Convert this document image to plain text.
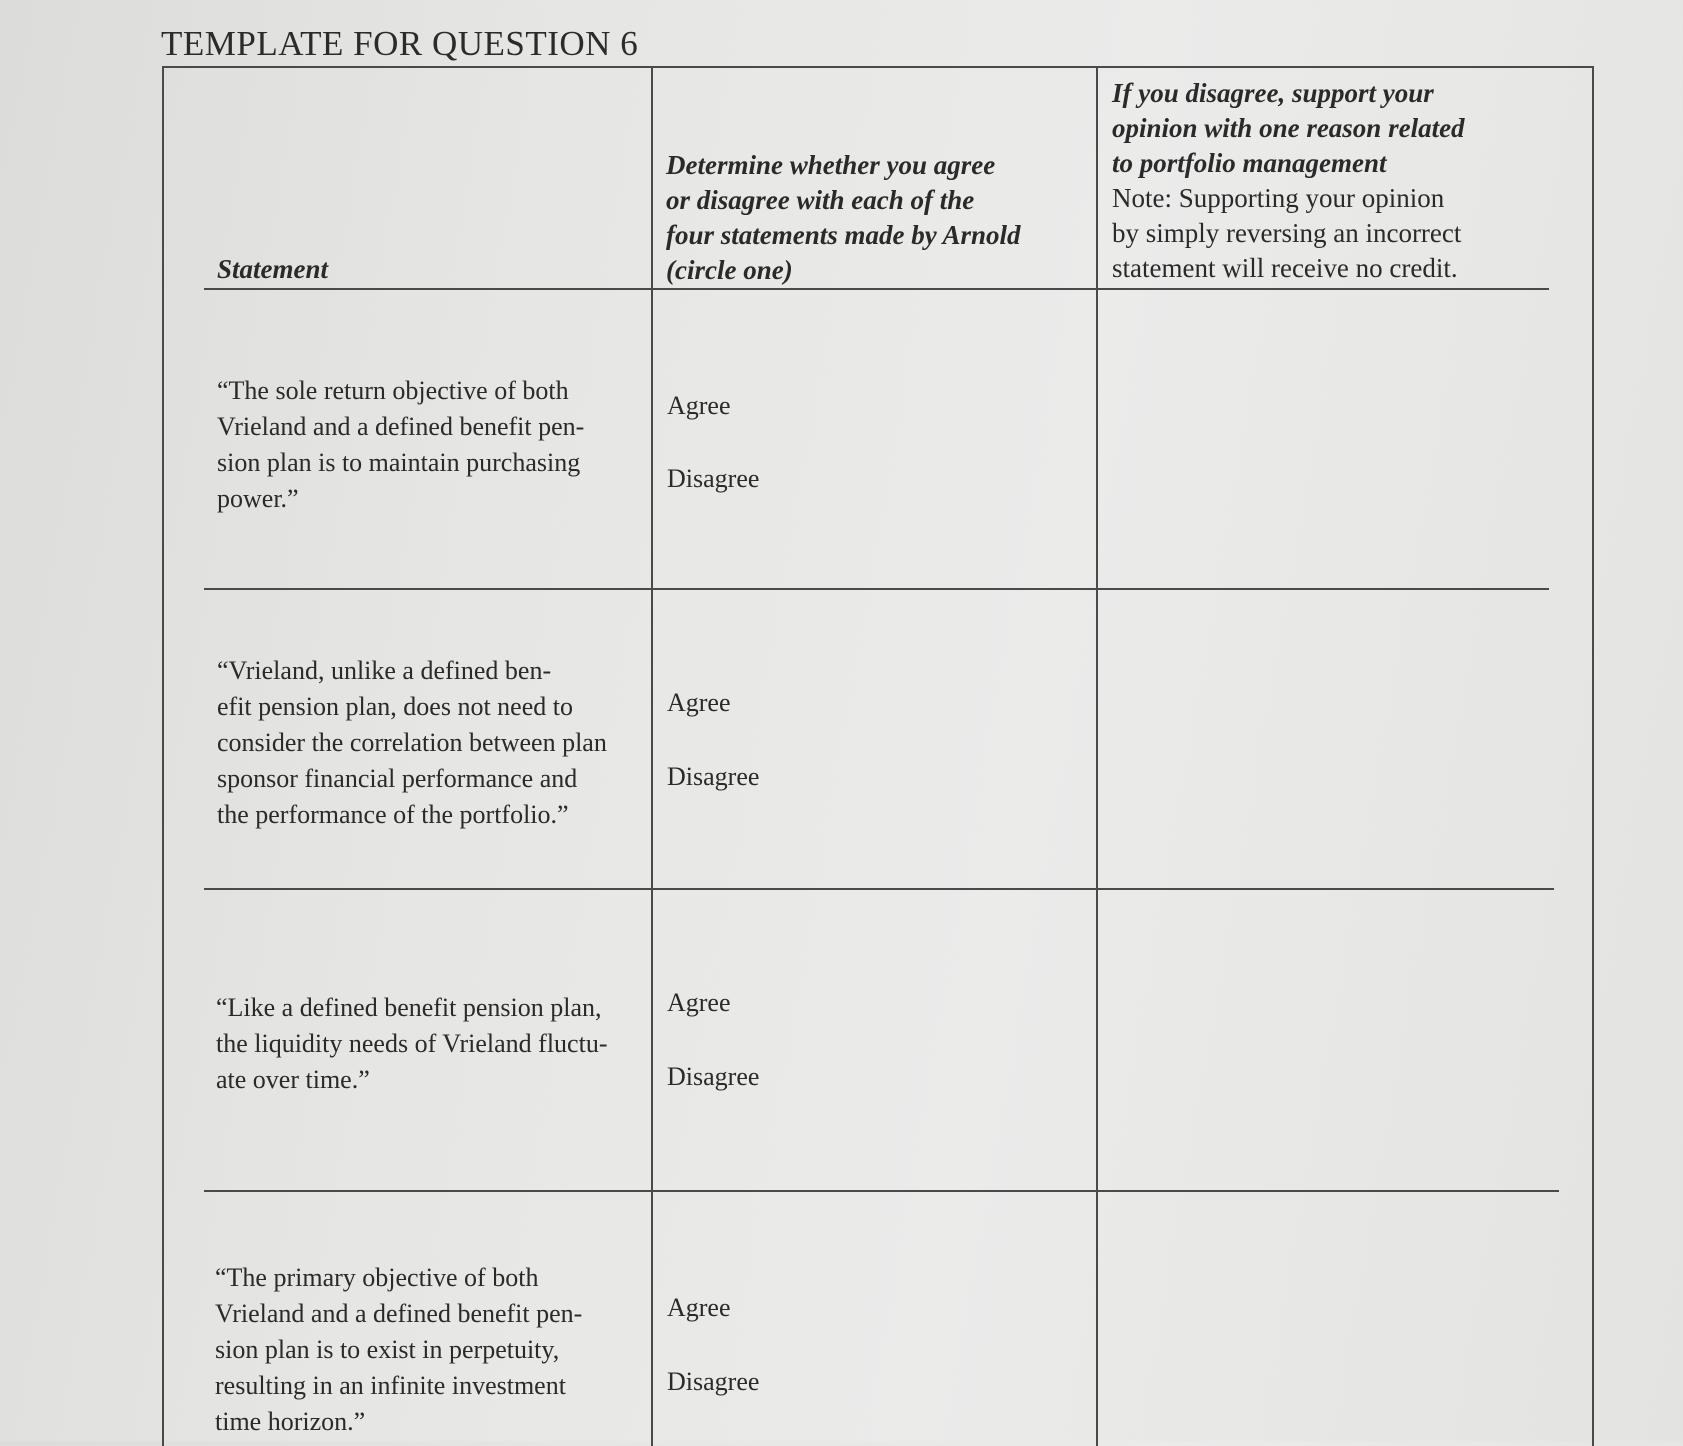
TEMPLATE FOR QUESTION 6
Statement
Determine whether you agree
or disagree with each of the
four statements made by Arnold
(circle one)
If you disagree, support your
opinion with one reason related
to portfolio management
Note: Supporting your opinion
by simply reversing an incorrect
statement will receive no credit.
“The sole return objective of both
Vrieland and a defined benefit pen-
sion plan is to maintain purchasing
power.”
Agree
Disagree
“Vrieland, unlike a defined ben-
efit pension plan, does not need to
consider the correlation between plan
sponsor financial performance and
the performance of the portfolio.”
Agree
Disagree
“Like a defined benefit pension plan,
the liquidity needs of Vrieland fluctu-
ate over time.”
Agree
Disagree
“The primary objective of both
Vrieland and a defined benefit pen-
sion plan is to exist in perpetuity,
resulting in an infinite investment
time horizon.”
Agree
Disagree
